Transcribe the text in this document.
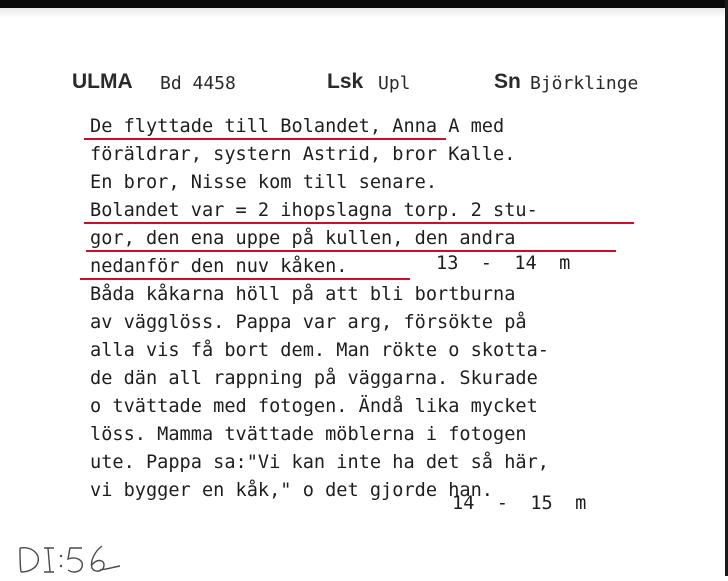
ULMA Bd 4458	Lsk Upl	Sn Björklinge
De flyttade till Bolandet, Anna A med
föräldrar, systern Astrid, bror Kalle.
En bror, Nisse kom till senare.
Bolandet var = 2 ihopslagna torp. 2 stu-
gor, den ena uppe på kullen, den andra
nedanför den nuv kåken.
Båda kåkarna höll på att bli bortburna
av vägglöss. Pappa var arg, försökte på
alla vis få bort dem. Man rökte o skotta-
de dän all rappning på väggarna. Skurade
o tvättade med fotogen. Ändå lika mycket
löss. Mamma tvättade möblerna i fotogen
ute. Pappa sa:"Vi kan inte ha det så här,
vi bygger en kåk," o det gjorde han.
13  -  14  m
14  -  15  m
